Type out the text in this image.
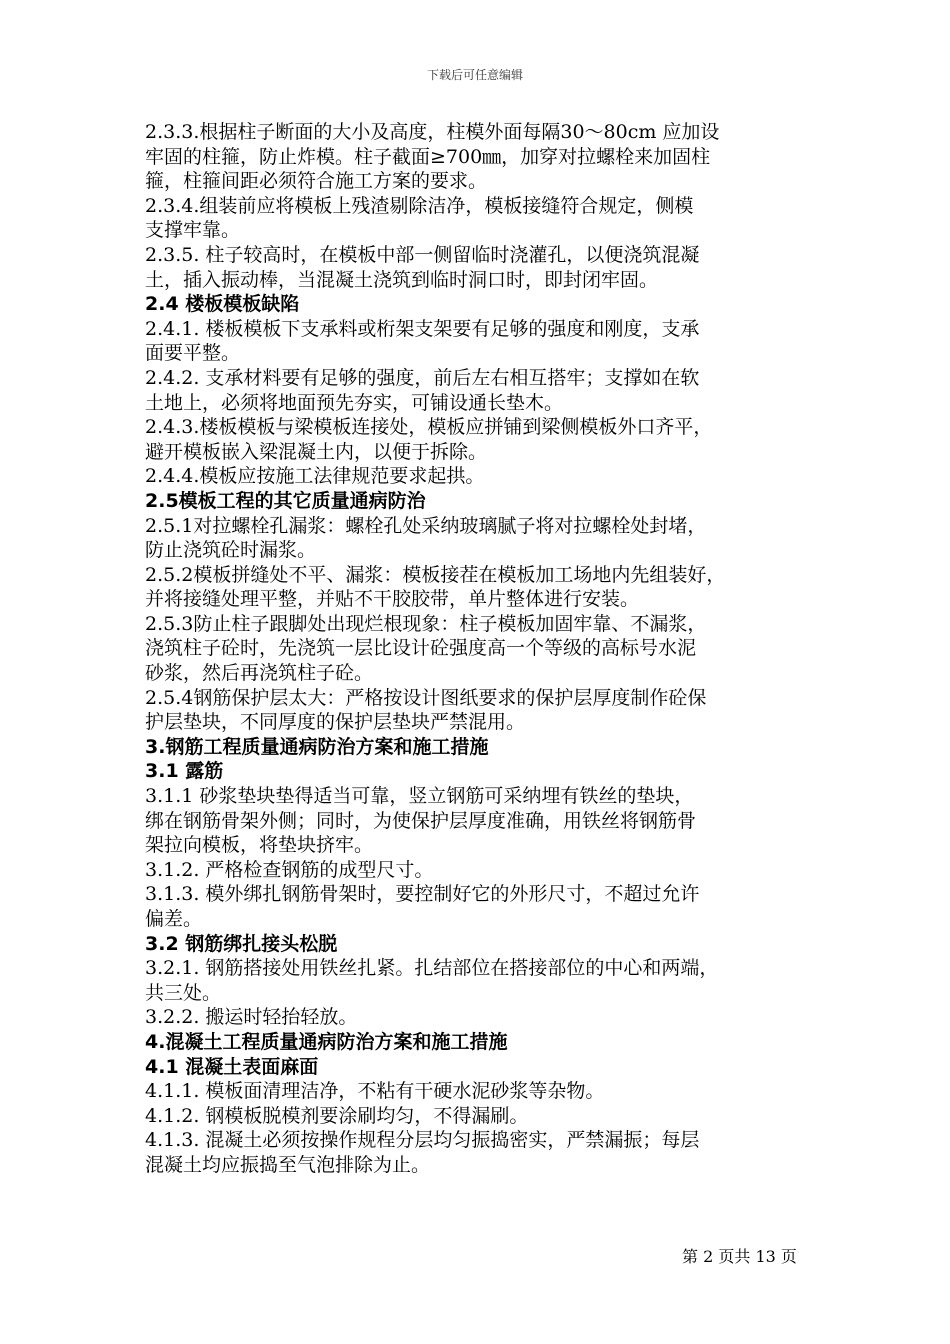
下载后可任意编辑
2.3.3.根据柱子断面的大小及高度，柱模外面每隔30～80cm 应加设
牢固的柱箍，防止炸模。柱子截面≥700㎜，加穿对拉螺栓来加固柱
箍，柱箍间距必须符合施工方案的要求。
2.3.4.组装前应将模板上残渣剔除洁净，模板接缝符合规定，侧模
支撑牢靠。
2.3.5. 柱子较高时，在模板中部一侧留临时浇灌孔，以便浇筑混凝
土，插入振动棒，当混凝土浇筑到临时洞口时，即封闭牢固。
2.4 楼板模板缺陷
2.4.1. 楼板模板下支承料或桁架支架要有足够的强度和刚度，支承
面要平整。
2.4.2. 支承材料要有足够的强度，前后左右相互搭牢；支撑如在软
土地上，必须将地面预先夯实，可铺设通长垫木。
2.4.3.楼板模板与梁模板连接处，模板应拼铺到梁侧模板外口齐平，
避开模板嵌入梁混凝土内，以便于拆除。
2.4.4.模板应按施工法律规范要求起拱。
2.5模板工程的其它质量通病防治
2.5.1对拉螺栓孔漏浆：螺栓孔处采纳玻璃腻子将对拉螺栓处封堵，
防止浇筑砼时漏浆。
2.5.2模板拼缝处不平、漏浆：模板接茬在模板加工场地内先组装好，
并将接缝处理平整，并贴不干胶胶带，单片整体进行安装。
2.5.3防止柱子跟脚处出现烂根现象：柱子模板加固牢靠、不漏浆，
浇筑柱子砼时，先浇筑一层比设计砼强度高一个等级的高标号水泥
砂浆，然后再浇筑柱子砼。
2.5.4钢筋保护层太大：严格按设计图纸要求的保护层厚度制作砼保
护层垫块，不同厚度的保护层垫块严禁混用。
3.钢筋工程质量通病防治方案和施工措施
3.1 露筋
3.1.1 砂浆垫块垫得适当可靠，竖立钢筋可采纳埋有铁丝的垫块，
绑在钢筋骨架外侧；同时，为使保护层厚度准确，用铁丝将钢筋骨
架拉向模板，将垫块挤牢。
3.1.2. 严格检查钢筋的成型尺寸。
3.1.3. 模外绑扎钢筋骨架时，要控制好它的外形尺寸，不超过允许
偏差。
3.2 钢筋绑扎接头松脱
3.2.1. 钢筋搭接处用铁丝扎紧。扎结部位在搭接部位的中心和两端，
共三处。
3.2.2. 搬运时轻抬轻放。
4.混凝土工程质量通病防治方案和施工措施
4.1 混凝土表面麻面
4.1.1. 模板面清理洁净，不粘有干硬水泥砂浆等杂物。
4.1.2. 钢模板脱模剂要涂刷均匀，不得漏刷。
4.1.3. 混凝土必须按操作规程分层均匀振捣密实，严禁漏振；每层
混凝土均应振捣至气泡排除为止。
第 2 页共 13 页
